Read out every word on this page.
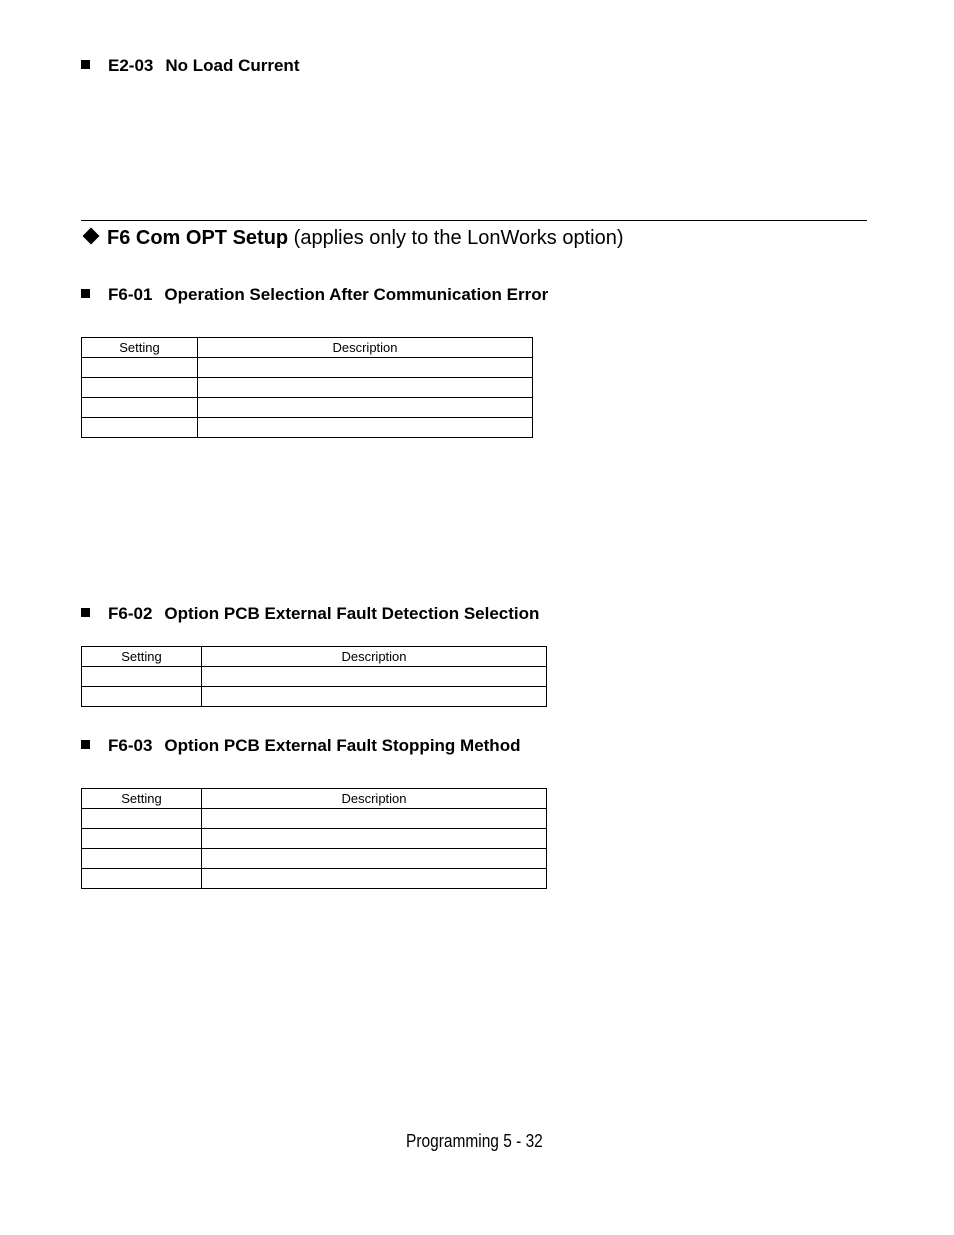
E2-03 No Load Current
F6 Com OPT Setup (applies only to the LonWorks option)
F6-01 Operation Selection After Communication Error
Setting	Description

F6-02 Option PCB External Fault Detection Selection
Setting	Description

F6-03 Option PCB External Fault Stopping Method
Setting	Description

Programming 5 - 32
